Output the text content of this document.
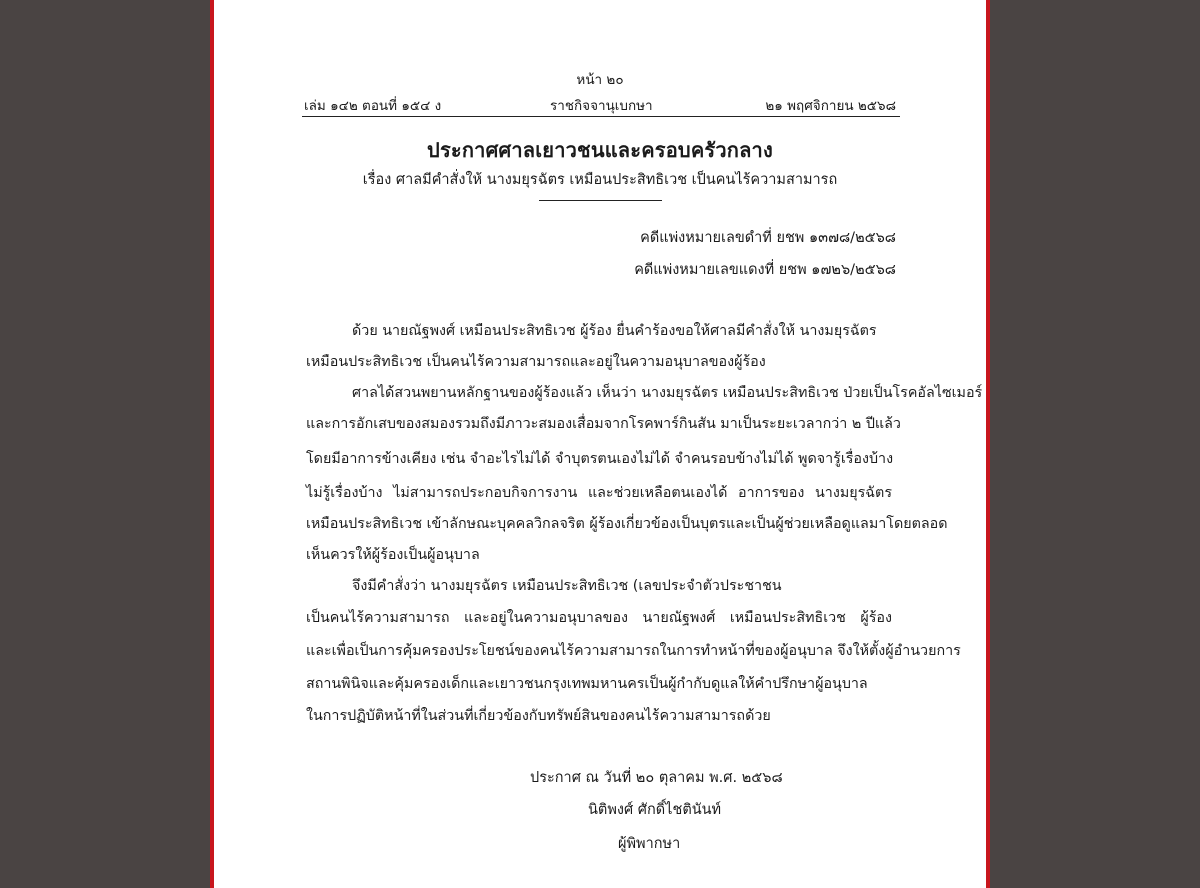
หน้า ๒๐
เล่ม ๑๔๒ ตอนที่ ๑๕๔ ง	ราชกิจจานุเบกษา	๒๑ พฤศจิกายน ๒๕๖๘
ประกาศศาลเยาวชนและครอบครัวกลาง
เรื่อง ศาลมีคำสั่งให้ นางมยุรฉัตร เหมือนประสิทธิเวช เป็นคนไร้ความสามารถ
คดีแพ่งหมายเลขดำที่ ยชพ ๑๓๗๘/๒๕๖๘
คดีแพ่งหมายเลขแดงที่ ยชพ ๑๗๒๖/๒๕๖๘
ด้วย นายณัฐพงศ์ เหมือนประสิทธิเวช ผู้ร้อง ยื่นคำร้องขอให้ศาลมีคำสั่งให้ นางมยุรฉัตร
เหมือนประสิทธิเวช เป็นคนไร้ความสามารถและอยู่ในความอนุบาลของผู้ร้อง
ศาลได้สวนพยานหลักฐานของผู้ร้องแล้ว เห็นว่า นางมยุรฉัตร เหมือนประสิทธิเวช ป่วยเป็นโรคอัลไซเมอร์
และการอักเสบของสมองรวมถึงมีภาวะสมองเสื่อมจากโรคพาร์กินสัน มาเป็นระยะเวลากว่า ๒ ปีแล้ว
โดยมีอาการข้างเคียง เช่น จำอะไรไม่ได้ จำบุตรตนเองไม่ได้ จำคนรอบข้างไม่ได้ พูดจารู้เรื่องบ้าง
ไม่รู้เรื่องบ้าง ไม่สามารถประกอบกิจการงาน และช่วยเหลือตนเองได้ อาการของ นางมยุรฉัตร
เหมือนประสิทธิเวช เข้าลักษณะบุคคลวิกลจริต ผู้ร้องเกี่ยวข้องเป็นบุตรและเป็นผู้ช่วยเหลือดูแลมาโดยตลอด
เห็นควรให้ผู้ร้องเป็นผู้อนุบาล
จึงมีคำสั่งว่า นางมยุรฉัตร เหมือนประสิทธิเวช (เลขประจำตัวประชาชน
เป็นคนไร้ความสามารถ และอยู่ในความอนุบาลของ นายณัฐพงศ์ เหมือนประสิทธิเวช ผู้ร้อง
และเพื่อเป็นการคุ้มครองประโยชน์ของคนไร้ความสามารถในการทำหน้าที่ของผู้อนุบาล จึงให้ตั้งผู้อำนวยการ
สถานพินิจและคุ้มครองเด็กและเยาวชนกรุงเทพมหานครเป็นผู้กำกับดูแลให้คำปรึกษาผู้อนุบาล
ในการปฏิบัติหน้าที่ในส่วนที่เกี่ยวข้องกับทรัพย์สินของคนไร้ความสามารถด้วย
ประกาศ ณ วันที่ ๒๐ ตุลาคม พ.ศ. ๒๕๖๘
นิติพงศ์ ศักดิ์ไชตินันท์
ผู้พิพากษา
